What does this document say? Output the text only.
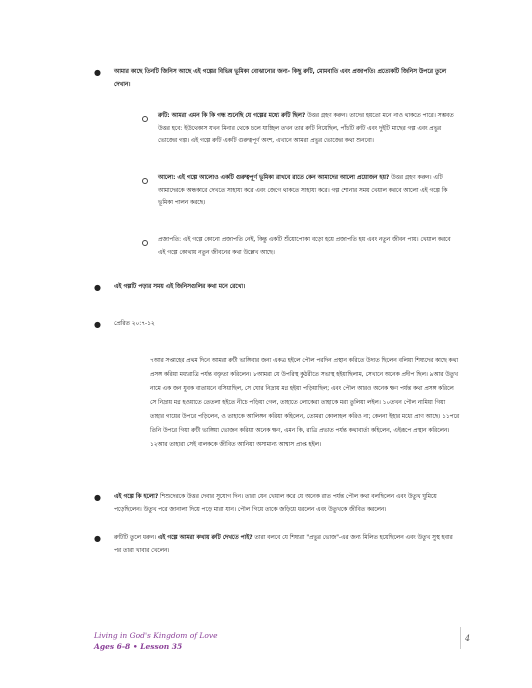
● আমার কাছে তিনটি জিনিস আছে এই গল্পের বিভিন্ন ভূমিকা বোঝানোর জন্য- কিছু রুটি, মোমবাতি এবং প্রজাপতি। প্রত্যেকটি জিনিস উপরে তুলে দেখান।
রুটি: আমরা এমন কি কি গন্ধ শুনেছি যে গল্পের মধ্যে রুটি ছিল? উত্তর গ্রহণ করুন। তাদের হয়তো মনে নাও থাকতে পারে। সম্ভবত উত্তর হবে: ইউথেকাস যখন মিনার থেকে চলে যাচ্ছিল তখন তার রুটি নিয়েছিল, পাঁচটি রুটি এবং দুইটি মাছের গল্প এবং প্রভুর ভোজের গল্প। এই গল্পে রুটি একটি গুরুত্বপূর্ণ অংশ, এখানে আমরা প্রভুর ভোজের কথা শুনবো।
আলো: এই গল্পে আলোও একটি গুরুত্বপূর্ণ ভূমিকা রাখবে রাতে কেন আমাদের আলো প্রয়োজন হয়? উত্তর গ্রহণ করুন। এটি আমাদেরকে অন্ধকারে দেখতে সাহায্য করে এবং জেগে থাকতে সাহায্য করে। গল্প শোনার সময় খেয়াল করবে আলো এই গল্পে কি ভূমিকা পালন করছে।
প্রজাপতি: এই গল্পে কোনো প্রজাপতি নেই, কিন্তু একটি শুঁয়োপোকা বড়ো হয়ে প্রজাপতি হয় এবং নতুন জীবন পায়। খেয়াল করবে এই গল্পে কোথায় নতুন জীবনের কথা উল্লেখ আছে।
● এই গল্পটি পড়ার সময় এই জিনিসগুলির কথা মনে রেখো।
● প্রেরিত ২০:৭-১২
৭আর সপ্তাহের প্রথম দিনে আমরা রুটী ভাঙ্গিবার জন্য একত্র হইলে পৌল পরদিন প্রস্থান করিতে উদ্যত ছিলেন বলিয়া শিষ্যদের কাছে কথা প্রসঙ্গ করিয়া মধ্যরাত্রি পর্যন্ত বক্তৃতা করিলেন। ৮আমরা যে উপরিস্থ কুঠরীতে সভাস্থ হইয়াছিলাম, সেখানে অনেক প্রদীপ ছিল। ৯আর উতুখ নামে এক জন যুবক বাতায়নে বসিয়াছিল, সে ঘোর নিদ্রায় মগ্ন হইয়া পড়িয়াছিল; এবং পৌল আরও অনেক ক্ষণ পর্যন্ত কথা প্রসঙ্গ করিলে সে নিদ্রায় মগ্ন হওয়াতে তেতলা হইতে নীচে পড়িয়া গেল, তাহাতে লোকেরা তাহাকে মরা তুলিয়া লইল। ১০তখন পৌল নামিয়া গিয়া তাহার গায়ের উপরে পড়িলেন, ও তাহাকে আলিঙ্গন করিয়া কহিলেন, তোমরা কোলাহল করিও না; কেননা ইহার মধ্যে প্রাণ আছে। ১১পরে তিনি উপরে গিয়া রুটী ভাঙ্গিয়া ভোজন করিয়া অনেক ক্ষণ, এমন কি, রাত্রি প্রভাত পর্যন্ত কথাবার্তা কহিলেন, এইরূপে প্রস্থান করিলেন। ১২আর তাহারা সেই বালককে জীবিত আনিয়া অসামান্য আশ্বাস প্রাপ্ত হইল।
● এই গল্পে কি হলো? শিশুদেরকে উত্তর দেবার সুযোগ দিন। তারা যেন খেয়াল করে যে অনেক রাত পর্যন্ত পৌল কথা বলছিলেন এবং উতুখ ঘুমিয়ে পড়েছিলেন। উতুখ পরে জানালা দিয়ে পড়ে মারা যান। পৌল গিয়ে তাকে জড়িয়ে ধরলেন এবং উতুখকে জীবিত করলেন।
● রুটিটি তুলে ধরুন। এই গল্পে আমরা কখায় রুটি দেখতে পাই? তারা বলবে যে শিষ্যরা "প্রভুর ভোজ"-এর জন্য মিলিত হয়েছিলেন এবং উতুখ সুস্থ হবার পর তারা খাবার খেলেন।
Living in God's Kingdom of Love
Ages 6-8 • Lesson 35
4
